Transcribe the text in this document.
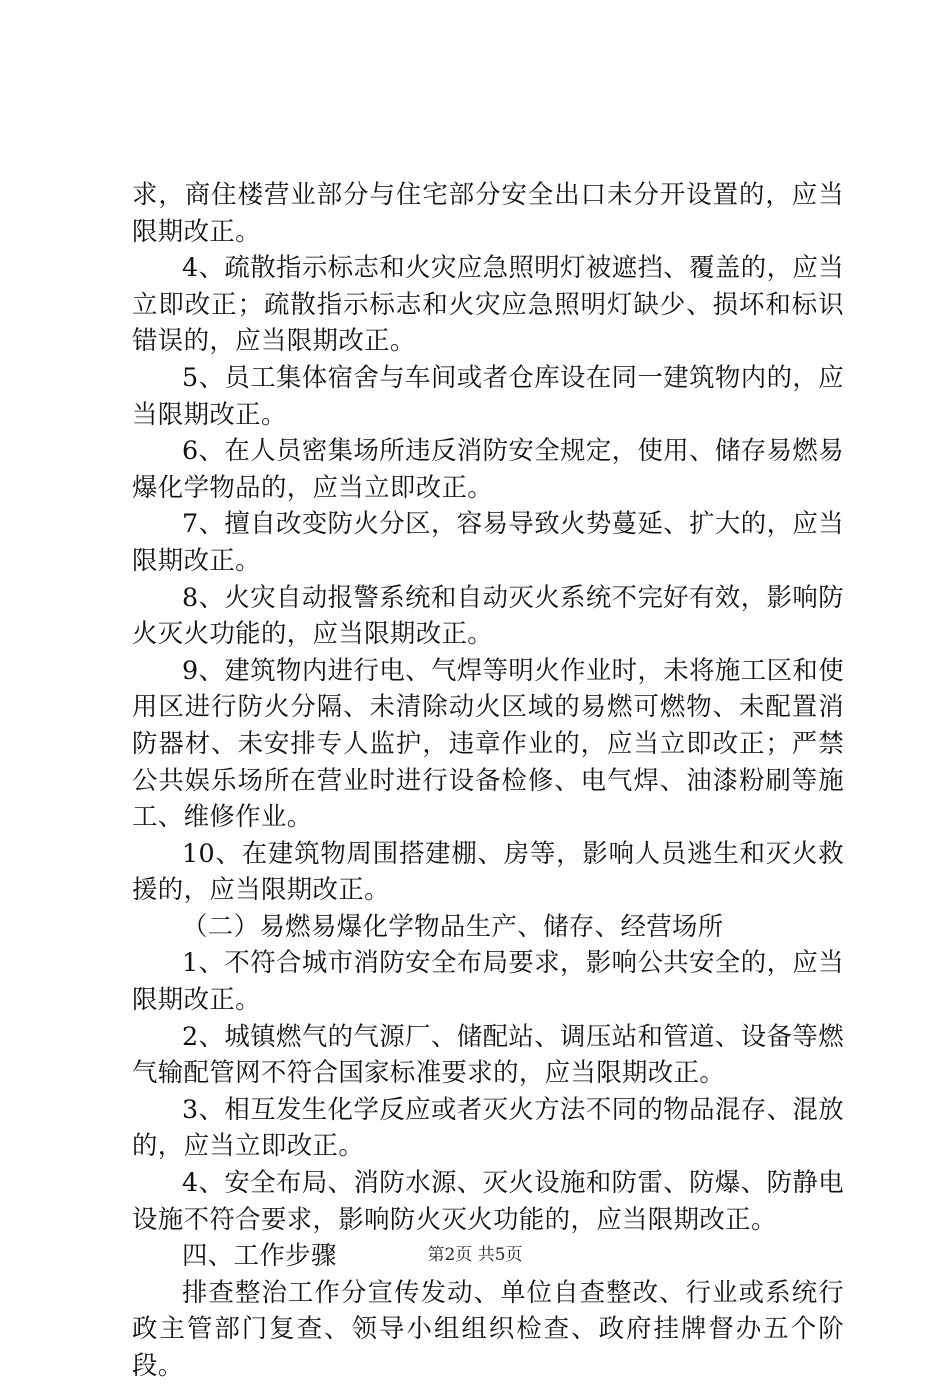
求，商住楼营业部分与住宅部分安全出口未分开设置的，应当限期改正。

4、疏散指示标志和火灾应急照明灯被遮挡、覆盖的，应当立即改正；疏散指示标志和火灾应急照明灯缺少、损坏和标识错误的，应当限期改正。

5、员工集体宿舍与车间或者仓库设在同一建筑物内的，应当限期改正。

6、在人员密集场所违反消防安全规定，使用、储存易燃易爆化学物品的，应当立即改正。

7、擅自改变防火分区，容易导致火势蔓延、扩大的，应当限期改正。

8、火灾自动报警系统和自动灭火系统不完好有效，影响防火灭火功能的，应当限期改正。

9、建筑物内进行电、气焊等明火作业时，未将施工区和使用区进行防火分隔、未清除动火区域的易燃可燃物、未配置消防器材、未安排专人监护，违章作业的，应当立即改正；严禁公共娱乐场所在营业时进行设备检修、电气焊、油漆粉刷等施工、维修作业。

10、在建筑物周围搭建棚、房等，影响人员逃生和灭火救援的，应当限期改正。

（二）易燃易爆化学物品生产、储存、经营场所

1、不符合城市消防安全布局要求，影响公共安全的，应当限期改正。

2、城镇燃气的气源厂、储配站、调压站和管道、设备等燃气输配管网不符合国家标准要求的，应当限期改正。

3、相互发生化学反应或者灭火方法不同的物品混存、混放的，应当立即改正。

4、安全布局、消防水源、灭火设施和防雷、防爆、防静电设施不符合要求，影响防火灭火功能的，应当限期改正。

四、工作步骤

排查整治工作分宣传发动、单位自查整改、行业或系统行政主管部门复查、领导小组组织检查、政府挂牌督办五个阶段。

第2页 共5页
